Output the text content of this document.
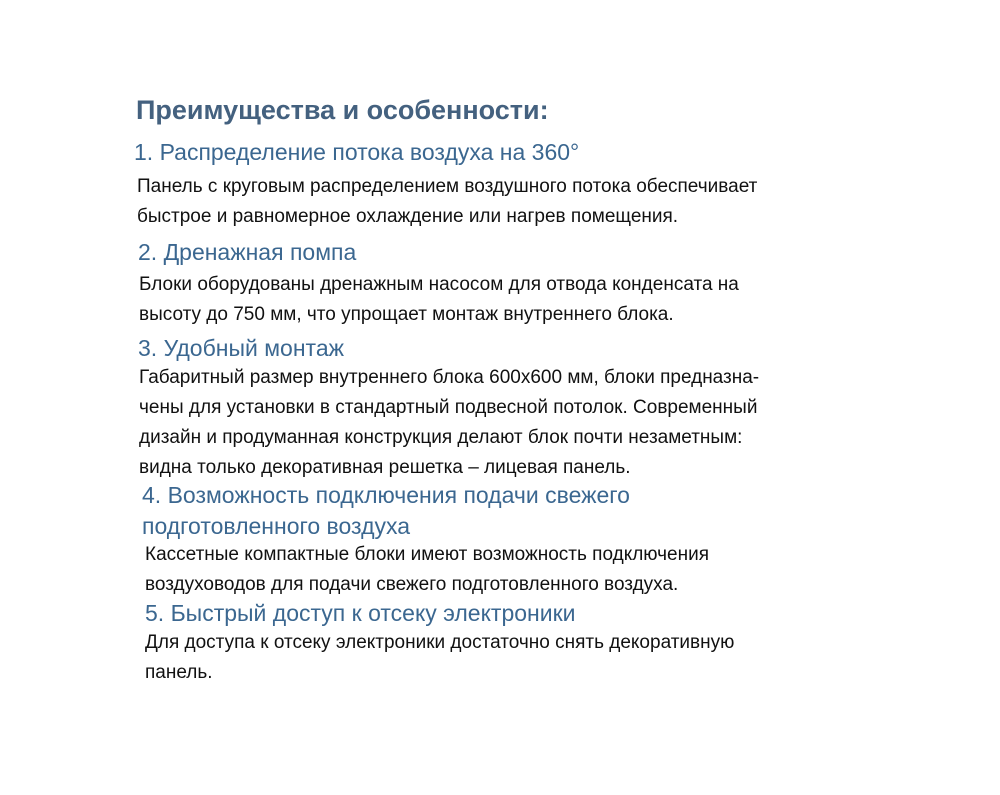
Преимущества и особенности:
1. Распределение потока воздуха на 360°

Панель с круговым распределением воздушного потока обеспечивает
быстрое и равномерное охлаждение или нагрев помещения.

2. Дренажная помпа

Блоки оборудованы дренажным насосом для отвода конденсата на
высоту до 750 мм, что упрощает монтаж внутреннего блока.

3. Удобный монтаж

Габаритный размер внутреннего блока 600х600 мм, блоки предназна-
чены для установки в стандартный подвесной потолок. Современный
дизайн и продуманная конструкция делают блок почти незаметным:
видна только декоративная решетка – лицевая панель.

4. Возможность подключения подачи свежего
подготовленного воздуха

Кассетные компактные блоки имеют возможность подключения
воздуховодов для подачи свежего подготовленного воздуха.

5. Быстрый доступ к отсеку электроники

Для доступа к отсеку электроники достаточно снять декоративную
панель.
